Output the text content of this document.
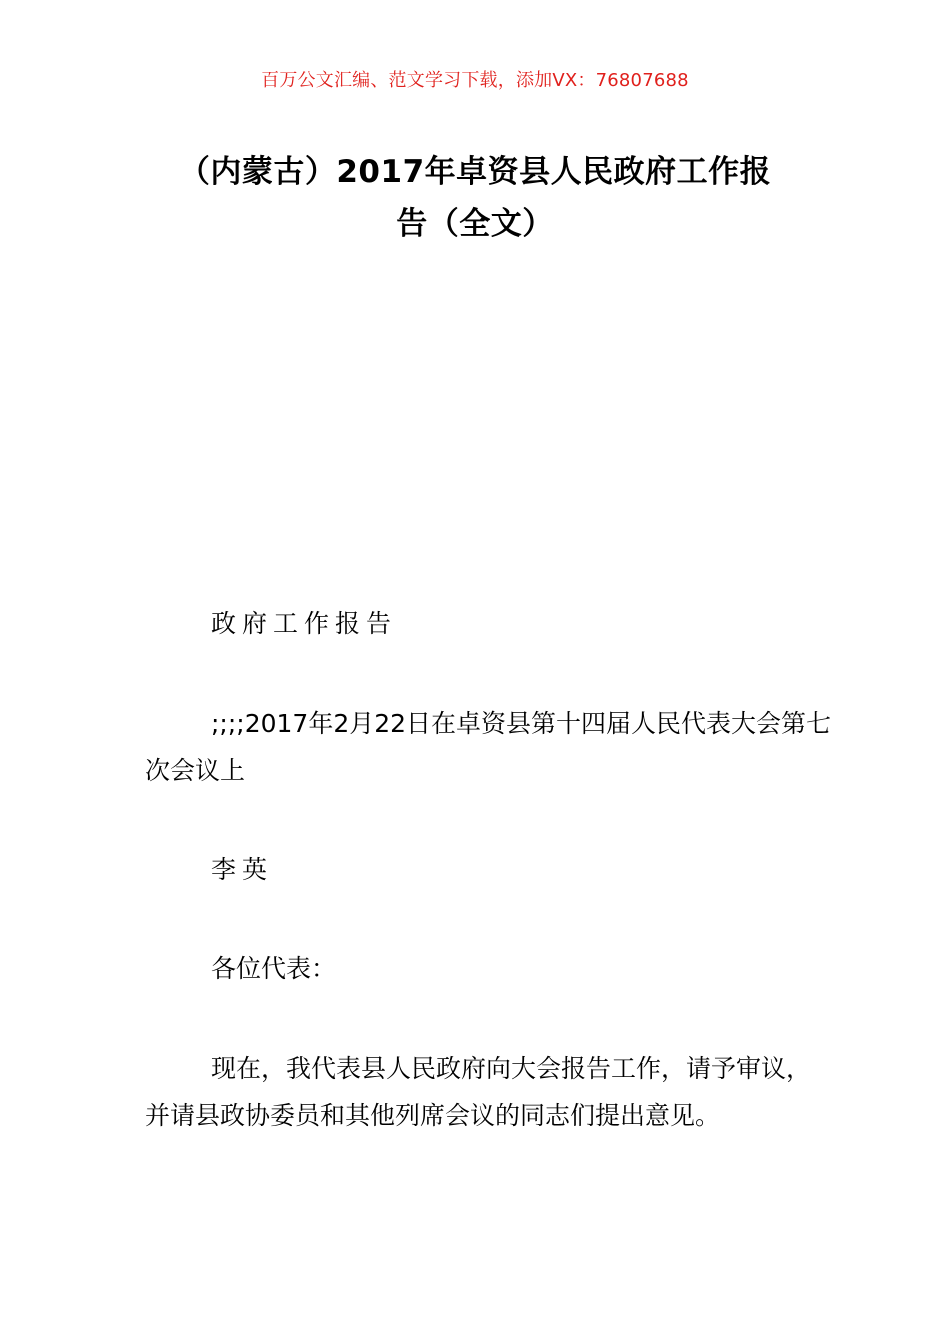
百万公文汇编、范文学习下载，添加VX：76807688
（内蒙古）2017年卓资县人民政府工作报
告（全文）

政府工作报告

;;;;2017年2月22日在卓资县第十四届人民代表大会第七次会议上

李英

各位代表：

现在，我代表县人民政府向大会报告工作，请予审议，并请县政协委员和其他列席会议的同志们提出意见。
